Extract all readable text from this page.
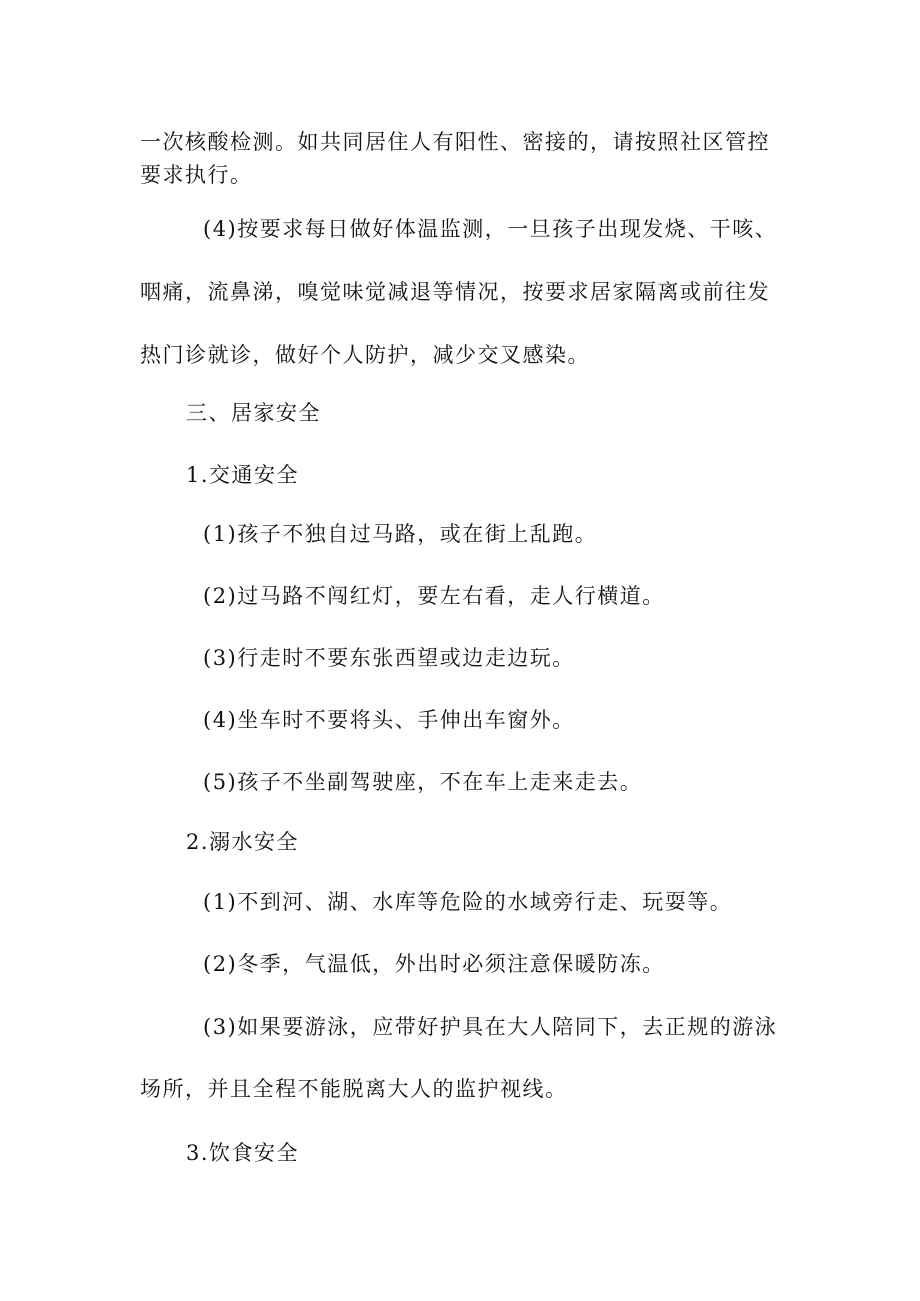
一次核酸检测。如共同居住人有阳性、密接的，请按照社区管控
要求执行。
(4)按要求每日做好体温监测，一旦孩子出现发烧、干咳、
咽痛，流鼻涕，嗅觉味觉减退等情况，按要求居家隔离或前往发
热门诊就诊，做好个人防护，减少交叉感染。
三、居家安全
1.交通安全
(1)孩子不独自过马路，或在街上乱跑。
(2)过马路不闯红灯，要左右看，走人行横道。
(3)行走时不要东张西望或边走边玩。
(4)坐车时不要将头、手伸出车窗外。
(5)孩子不坐副驾驶座，不在车上走来走去。
2.溺水安全
(1)不到河、湖、水库等危险的水域旁行走、玩耍等。
(2)冬季，气温低，外出时必须注意保暖防冻。
(3)如果要游泳，应带好护具在大人陪同下，去正规的游泳
场所，并且全程不能脱离大人的监护视线。
3.饮食安全
